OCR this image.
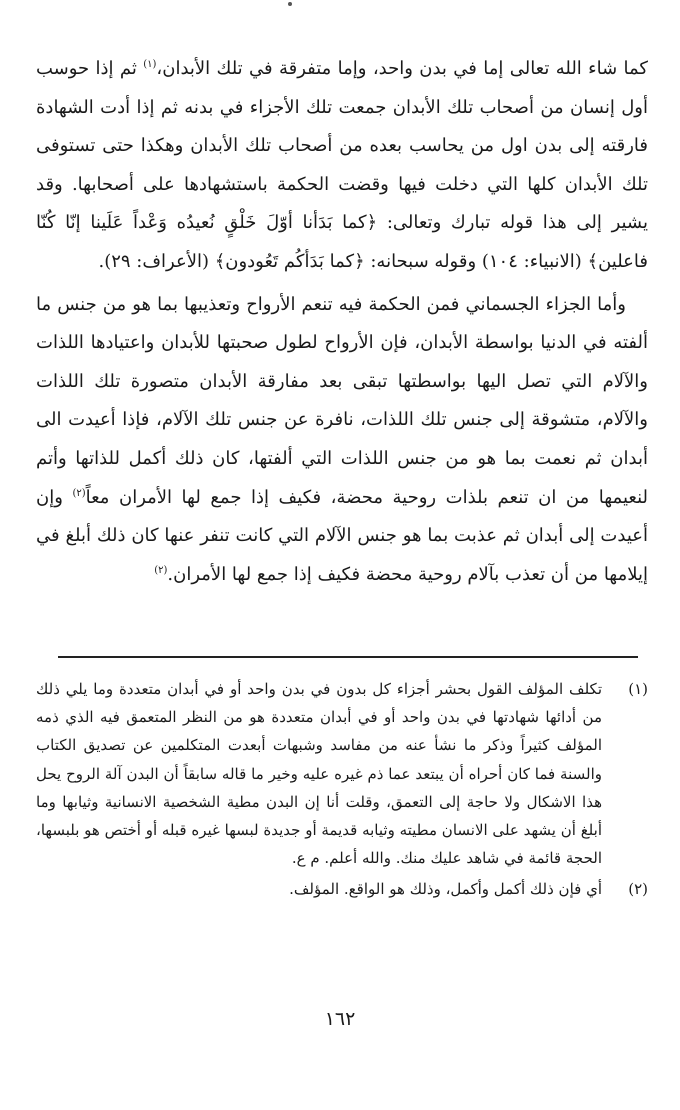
كما شاء الله تعالى إما في بدن واحد، وإما متفرقة في تلك الأبدان،$^{(١)}$ ثم إذا حوسب أول إنسان من أصحاب تلك الأبدان جمعت تلك الأجزاء في بدنه ثم إذا أدت الشهادة فارقته إلى بدن اول من يحاسب بعده من أصحاب تلك الأبدان وهكذا حتى تستوفى تلك الأبدان كلها التي دخلت فيها وقضت الحكمة باستشهادها على أصحابها. وقد يشير إلى هذا قوله تبارك وتعالى: ﴿كما بَدَأنا أوّلَ خَلْقٍ نُعيدُه وَعْداً عَلَينا إنّا كُنّا فاعلين﴾ (الانبياء: ١٠٤) وقوله سبحانه: ﴿كما بَدَأكُم تَعُودون﴾ (الأعراف: ٢٩).

وأما الجزاء الجسماني فمن الحكمة فيه تنعم الأرواح وتعذيبها بما هو من جنس ما ألفته في الدنيا بواسطة الأبدان، فإن الأرواح لطول صحبتها للأبدان واعتيادها اللذات والآلام التي تصل اليها بواسطتها تبقى بعد مفارقة الأبدان متصورة تلك اللذات والآلام، متشوقة إلى جنس تلك اللذات، نافرة عن جنس تلك الآلام، فإذا أعيدت الى أبدان ثم نعمت بما هو من جنس اللذات التي ألفتها، كان ذلك أكمل للذاتها وأتم لنعيمها من ان تنعم بلذات روحية محضة، فكيف إذا جمع لها الأمران معاً$^{(٢)}$ وإن أعيدت إلى أبدان ثم عذبت بما هو جنس الآلام التي كانت تنفر عنها كان ذلك أبلغ في إيلامها من أن تعذب بآلام روحية محضة فكيف إذا جمع لها الأمران.$^{(٢)}$

(١)تكلف المؤلف القول بحشر أجزاء كل بدون في بدن واحد أو في أبدان متعددة وما يلي ذلك من أدائها شهادتها في بدن واحد أو في أبدان متعددة هو من النظر المتعمق فيه الذي ذمه المؤلف كثيراً وذكر ما نشأ عنه من مفاسد وشبهات أبعدت المتكلمين عن تصديق الكتاب والسنة فما كان أحراه أن يبتعد عما ذم غيره عليه وخير ما قاله سابقاً أن البدن آلة الروح يحل هذا الاشكال ولا حاجة إلى التعمق، وقلت أنا إن البدن مطية الشخصية الانسانية وثيابها وما أبلغ أن يشهد على الانسان مطيته وثيابه قديمة أو جديدة لبسها غيره قبله أو أختص هو بلبسها، الحجة قائمة في شاهد عليك منك. والله أعلم. م ع.

(٢)أي فإن ذلك أكمل وأكمل، وذلك هو الواقع. المؤلف.

١٦٢
